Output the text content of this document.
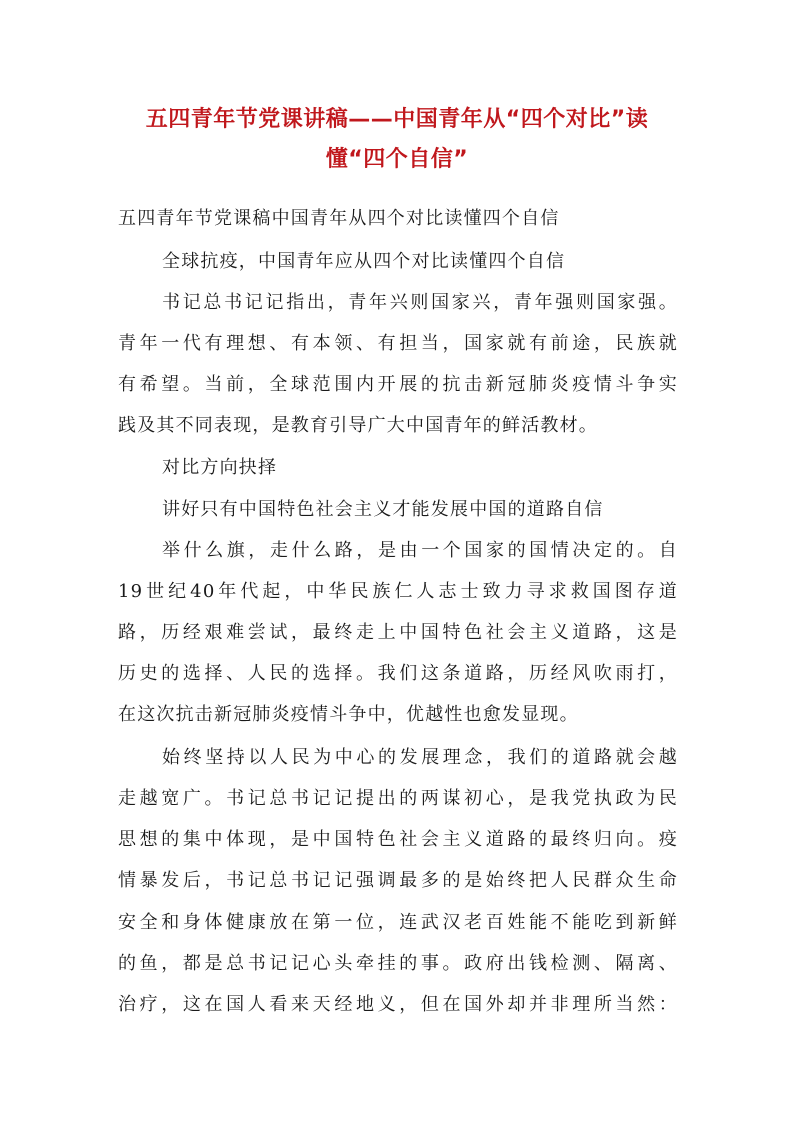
五四青年节党课讲稿——中国青年从“四个对比”读
懂“四个自信”
五四青年节党课稿中国青年从四个对比读懂四个自信
全球抗疫，中国青年应从四个对比读懂四个自信
书记总书记记指出，青年兴则国家兴，青年强则国家强。
青年一代有理想、有本领、有担当，国家就有前途，民族就
有希望。当前，全球范围内开展的抗击新冠肺炎疫情斗争实
践及其不同表现，是教育引导广大中国青年的鲜活教材。
对比方向抉择
讲好只有中国特色社会主义才能发展中国的道路自信
举什么旗，走什么路，是由一个国家的国情决定的。自
19世纪40年代起，中华民族仁人志士致力寻求救国图存道
路，历经艰难尝试，最终走上中国特色社会主义道路，这是
历史的选择、人民的选择。我们这条道路，历经风吹雨打，
在这次抗击新冠肺炎疫情斗争中，优越性也愈发显现。
始终坚持以人民为中心的发展理念，我们的道路就会越
走越宽广。书记总书记记提出的两谋初心，是我党执政为民
思想的集中体现，是中国特色社会主义道路的最终归向。疫
情暴发后，书记总书记记强调最多的是始终把人民群众生命
安全和身体健康放在第一位，连武汉老百姓能不能吃到新鲜
的鱼，都是总书记记心头牵挂的事。政府出钱检测、隔离、
治疗，这在国人看来天经地义，但在国外却并非理所当然：
